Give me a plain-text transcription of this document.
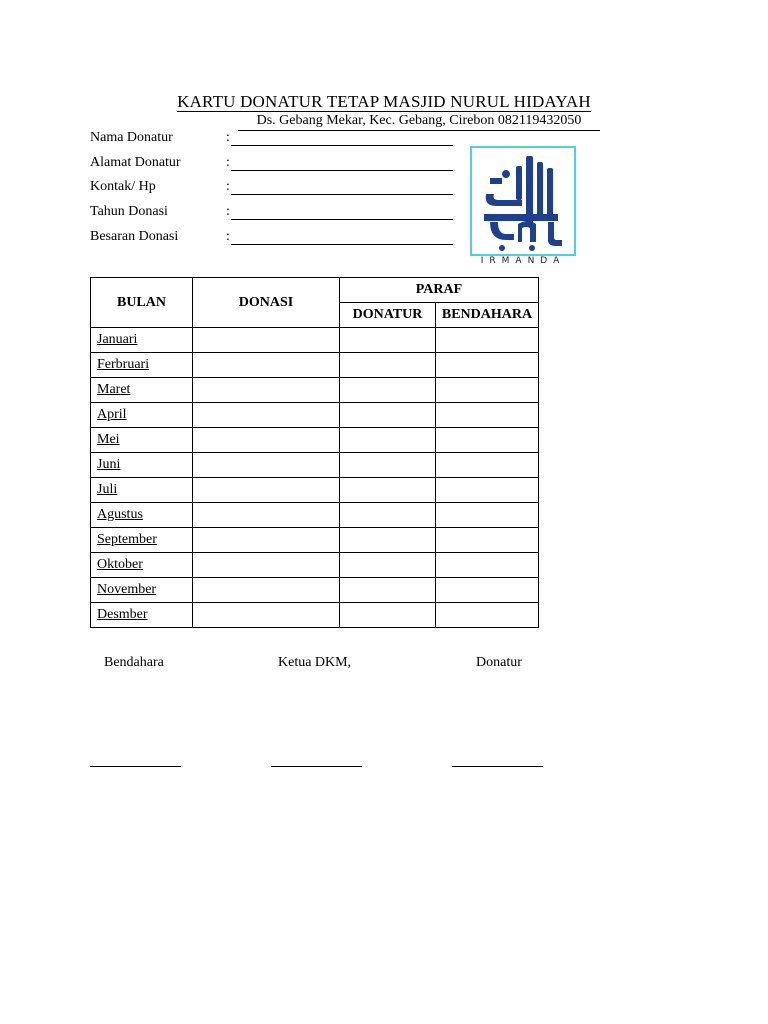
KARTU DONATUR TETAP MASJID NURUL HIDAYAH
Ds. Gebang Mekar, Kec. Gebang, Cirebon 082119432050
Nama Donatur	:
Alamat Donatur	:
Kontak/ Hp	:
Tahun Donasi	:
Besaran Donasi	:
IRMANDA
BULAN	DONASI	PARAF	
		DONATUR	BENDAHARA
Januari			
Ferbruari			
Maret			
April			
Mei			
Juni			
Juli			
Agustus			
September			
Oktober			
November			
Desmber			
Bendahara	Ketua DKM,	Donatur
